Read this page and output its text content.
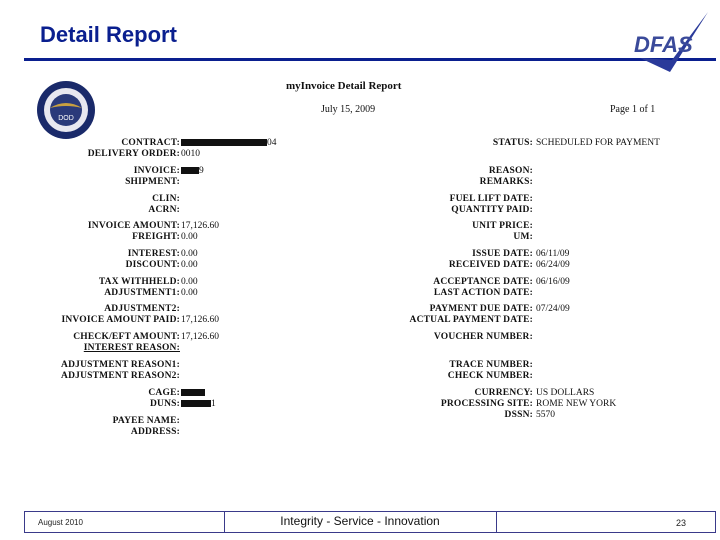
Detail Report	DFAS
DOD
myInvoice Detail Report
July 15, 2009	Page 1 of 1
CONTRACT:	04
DELIVERY ORDER: 0010
INVOICE:	9
SHIPMENT:
CLIN:
ACRN:
INVOICE AMOUNT: 17,126.60
FREIGHT: 0.00
INTEREST: 0.00
DISCOUNT: 0.00
TAX WITHHELD: 0.00
ADJUSTMENT1: 0.00
ADJUSTMENT2:
INVOICE AMOUNT PAID: 17,126.60
CHECK/EFT AMOUNT: 17,126.60
INTEREST REASON:
ADJUSTMENT REASON1:
ADJUSTMENT REASON2:
CAGE:
DUNS:	1
PAYEE NAME:
ADDRESS:
STATUS: SCHEDULED FOR PAYMENT
REASON:
REMARKS:
FUEL LIFT DATE:
QUANTITY PAID:
UNIT PRICE:
UM:
ISSUE DATE: 06/11/09
RECEIVED DATE: 06/24/09
ACCEPTANCE DATE: 06/16/09
LAST ACTION DATE:
PAYMENT DUE DATE: 07/24/09
ACTUAL PAYMENT DATE:
VOUCHER NUMBER:
TRACE NUMBER:
CHECK NUMBER:
CURRENCY: US DOLLARS
PROCESSING SITE: ROME NEW YORK
DSSN: 5570
August 2010	Integrity - Service - Innovation	23
